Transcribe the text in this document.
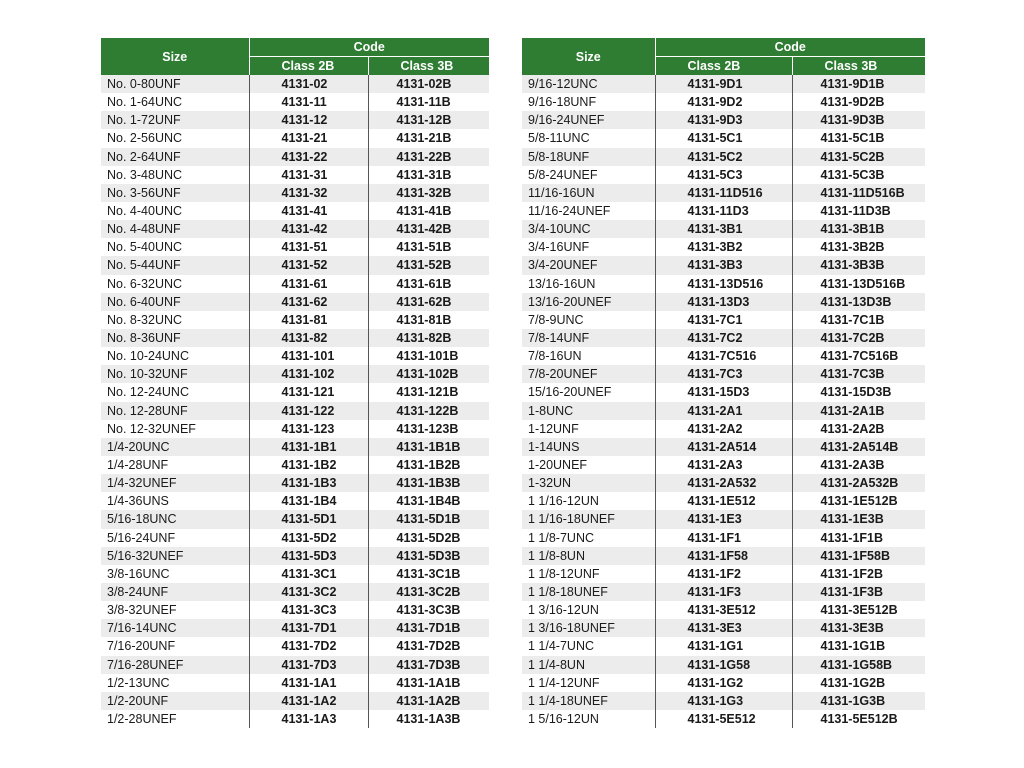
Size	Code	
	Class 2B	Class 3B
No. 0-80UNF	4131-02	4131-02B
No. 1-64UNC	4131-11	4131-11B
No. 1-72UNF	4131-12	4131-12B
No. 2-56UNC	4131-21	4131-21B
No. 2-64UNF	4131-22	4131-22B
No. 3-48UNC	4131-31	4131-31B
No. 3-56UNF	4131-32	4131-32B
No. 4-40UNC	4131-41	4131-41B
No. 4-48UNF	4131-42	4131-42B
No. 5-40UNC	4131-51	4131-51B
No. 5-44UNF	4131-52	4131-52B
No. 6-32UNC	4131-61	4131-61B
No. 6-40UNF	4131-62	4131-62B
No. 8-32UNC	4131-81	4131-81B
No. 8-36UNF	4131-82	4131-82B
No. 10-24UNC	4131-101	4131-101B
No. 10-32UNF	4131-102	4131-102B
No. 12-24UNC	4131-121	4131-121B
No. 12-28UNF	4131-122	4131-122B
No. 12-32UNEF	4131-123	4131-123B
1/4-20UNC	4131-1B1	4131-1B1B
1/4-28UNF	4131-1B2	4131-1B2B
1/4-32UNEF	4131-1B3	4131-1B3B
1/4-36UNS	4131-1B4	4131-1B4B
5/16-18UNC	4131-5D1	4131-5D1B
5/16-24UNF	4131-5D2	4131-5D2B
5/16-32UNEF	4131-5D3	4131-5D3B
3/8-16UNC	4131-3C1	4131-3C1B
3/8-24UNF	4131-3C2	4131-3C2B
3/8-32UNEF	4131-3C3	4131-3C3B
7/16-14UNC	4131-7D1	4131-7D1B
7/16-20UNF	4131-7D2	4131-7D2B
7/16-28UNEF	4131-7D3	4131-7D3B
1/2-13UNC	4131-1A1	4131-1A1B
1/2-20UNF	4131-1A2	4131-1A2B
1/2-28UNEF	4131-1A3	4131-1A3B
Size	Code	
	Class 2B	Class 3B
9/16-12UNC	4131-9D1	4131-9D1B
9/16-18UNF	4131-9D2	4131-9D2B
9/16-24UNEF	4131-9D3	4131-9D3B
5/8-11UNC	4131-5C1	4131-5C1B
5/8-18UNF	4131-5C2	4131-5C2B
5/8-24UNEF	4131-5C3	4131-5C3B
11/16-16UN	4131-11D516	4131-11D516B
11/16-24UNEF	4131-11D3	4131-11D3B
3/4-10UNC	4131-3B1	4131-3B1B
3/4-16UNF	4131-3B2	4131-3B2B
3/4-20UNEF	4131-3B3	4131-3B3B
13/16-16UN	4131-13D516	4131-13D516B
13/16-20UNEF	4131-13D3	4131-13D3B
7/8-9UNC	4131-7C1	4131-7C1B
7/8-14UNF	4131-7C2	4131-7C2B
7/8-16UN	4131-7C516	4131-7C516B
7/8-20UNEF	4131-7C3	4131-7C3B
15/16-20UNEF	4131-15D3	4131-15D3B
1-8UNC	4131-2A1	4131-2A1B
1-12UNF	4131-2A2	4131-2A2B
1-14UNS	4131-2A514	4131-2A514B
1-20UNEF	4131-2A3	4131-2A3B
1-32UN	4131-2A532	4131-2A532B
1 1/16-12UN	4131-1E512	4131-1E512B
1 1/16-18UNEF	4131-1E3	4131-1E3B
1 1/8-7UNC	4131-1F1	4131-1F1B
1 1/8-8UN	4131-1F58	4131-1F58B
1 1/8-12UNF	4131-1F2	4131-1F2B
1 1/8-18UNEF	4131-1F3	4131-1F3B
1 3/16-12UN	4131-3E512	4131-3E512B
1 3/16-18UNEF	4131-3E3	4131-3E3B
1 1/4-7UNC	4131-1G1	4131-1G1B
1 1/4-8UN	4131-1G58	4131-1G58B
1 1/4-12UNF	4131-1G2	4131-1G2B
1 1/4-18UNEF	4131-1G3	4131-1G3B
1 5/16-12UN	4131-5E512	4131-5E512B
